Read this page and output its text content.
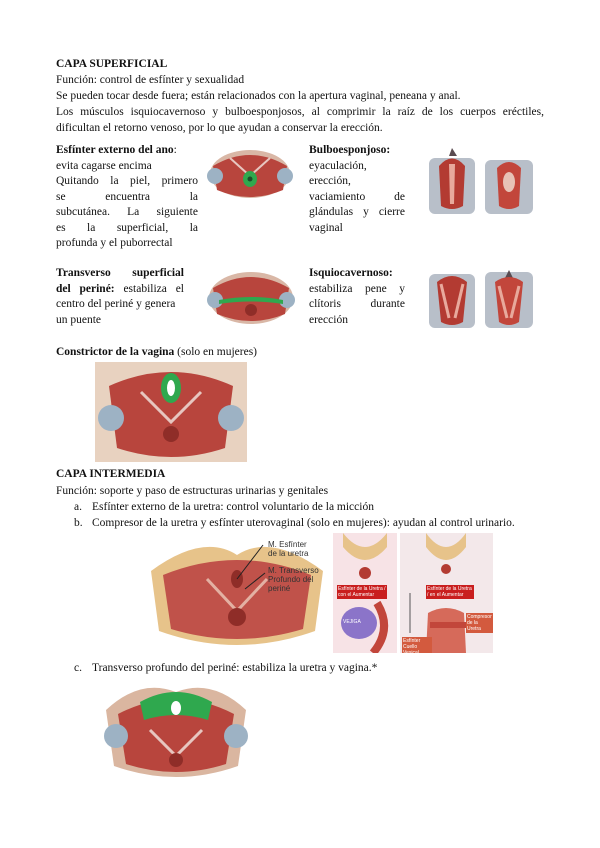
CAPA SUPERFICIAL
Función: control de esfínter y sexualidad
Se pueden tocar desde fuera; están relacionados con la apertura vaginal, peneana y anal.
Los músculos isquiocavernoso y bulboesponjosos, al comprimir la raíz de los cuerpos eréctiles,
dificultan el retorno venoso, por lo que ayudan a conservar la erección.

Esfínter externo del ano:

evita cagarse encima

Quitando la piel, primero

se encuentra la

subcutánea. La siguiente

es la superficial, la

profunda y el puborrectal

Bulboesponjoso:

eyaculación,

erección,

vaciamiento de

glándulas y cierre

vaginal

Transverso superficial

del periné: estabiliza el

centro del periné y genera

un puente

Isquiocavernoso:

estabiliza pene y

clítoris durante

erección

Constrictor de la vagina (solo en mujeres)
CAPA INTERMEDIA
Función: soporte y paso de estructuras urinarias y genitales
a. Esfínter externo de la uretra: control voluntario de la micción
b. Compresor de la uretra y esfínter uterovaginal (solo en mujeres): ayudan al control urinario.
M. Esfínter
de la uretra
M. Transverso
Profundo del
periné	Esfínter de la Uretra / con el Aumentar
VEJIGA
Esfínter de la Uretra / en el Aumentar
Compresor de la Uretra
Esfínter Cuello Vesical
c. Transverso profundo del periné: estabiliza la uretra y vagina.*
